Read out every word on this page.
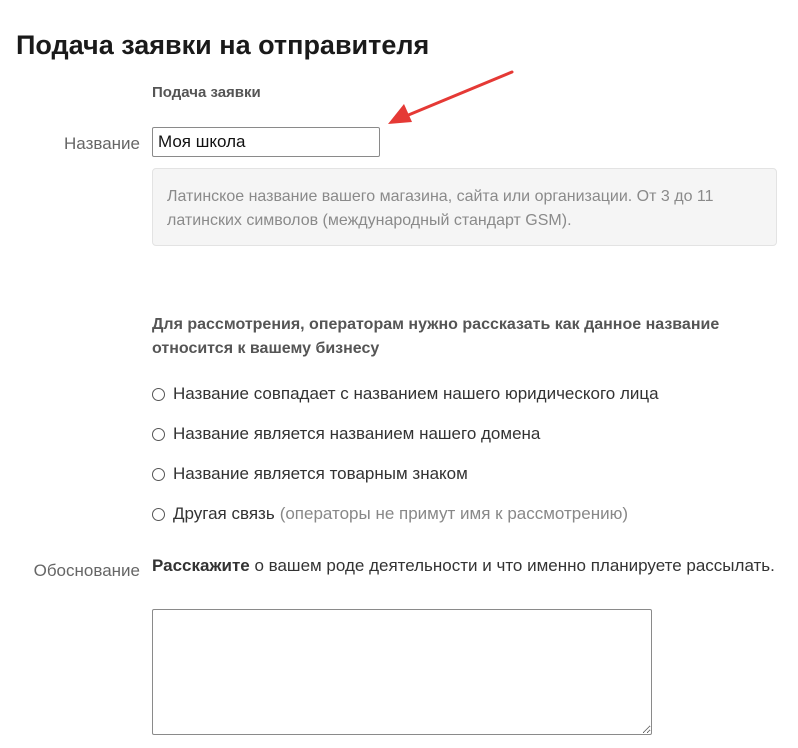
Подача заявки на отправителя
Подача заявки
Название
Моя школа
Латинское название вашего магазина, сайта или организации. От 3 до 11 латинских символов (международный стандарт GSM).
Для рассмотрения, операторам нужно рассказать как данное название относится к вашему бизнесу
Название совпадает с названием нашего юридического лица
Название является названием нашего домена
Название является товарным знаком
Другая связь (операторы не примут имя к рассмотрению)
Обоснование Расскажите о вашем роде деятельности и что именно планируете рассылать.
